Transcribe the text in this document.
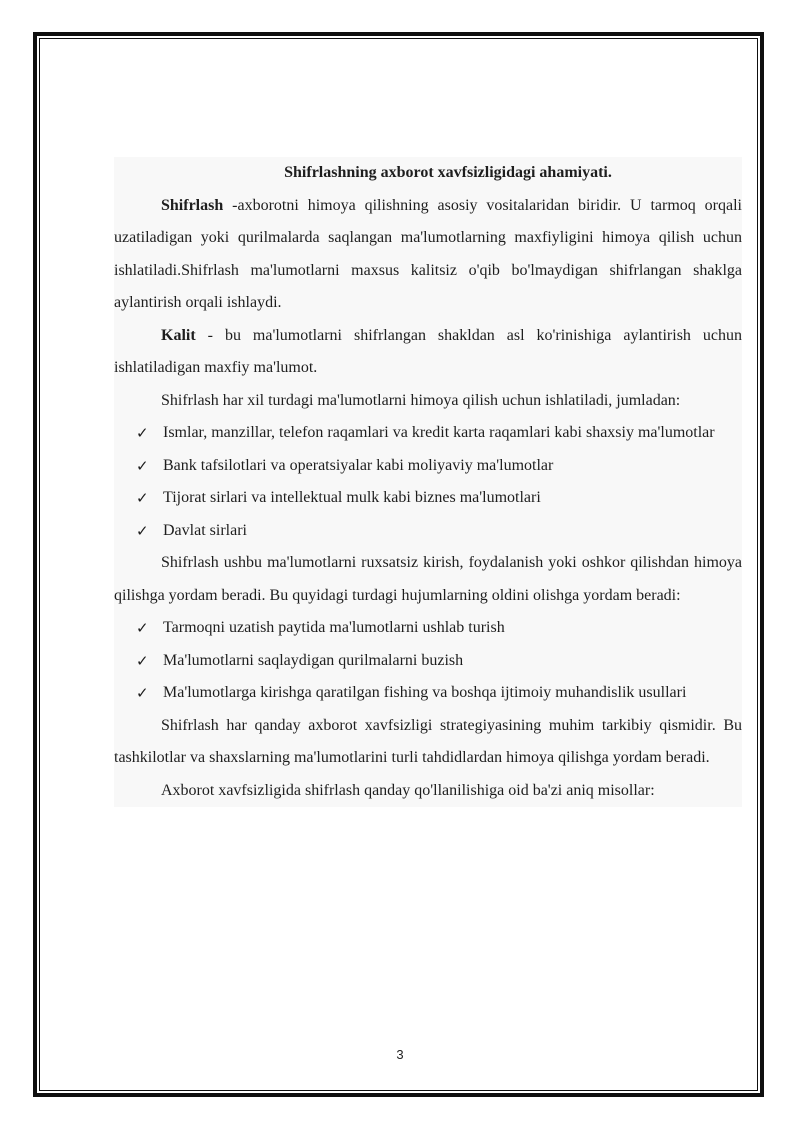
Shifrlashning axborot xavfsizligidagi ahamiyati.

Shifrlash -axborotni himoya qilishning asosiy vositalaridan biridir. U tarmoq orqali uzatiladigan yoki qurilmalarda saqlangan ma'lumotlarning maxfiyligini himoya qilish uchun ishlatiladi.Shifrlash ma'lumotlarni maxsus kalitsiz o'qib bo'lmaydigan shifrlangan shaklga aylantirish orqali ishlaydi.

Kalit - bu ma'lumotlarni shifrlangan shakldan asl ko'rinishiga aylantirish uchun ishlatiladigan maxfiy ma'lumot.

Shifrlash har xil turdagi ma'lumotlarni himoya qilish uchun ishlatiladi, jumladan:

✓ Ismlar, manzillar, telefon raqamlari va kredit karta raqamlari kabi shaxsiy ma'lumotlar
✓ Bank tafsilotlari va operatsiyalar kabi moliyaviy ma'lumotlar
✓ Tijorat sirlari va intellektual mulk kabi biznes ma'lumotlari
✓ Davlat sirlari

Shifrlash ushbu ma'lumotlarni ruxsatsiz kirish, foydalanish yoki oshkor qilishdan himoya qilishga yordam beradi. Bu quyidagi turdagi hujumlarning oldini olishga yordam beradi:

✓ Tarmoqni uzatish paytida ma'lumotlarni ushlab turish
✓ Ma'lumotlarni saqlaydigan qurilmalarni buzish
✓ Ma'lumotlarga kirishga qaratilgan fishing va boshqa ijtimoiy muhandislik usullari

Shifrlash har qanday axborot xavfsizligi strategiyasining muhim tarkibiy qismidir. Bu tashkilotlar va shaxslarning ma'lumotlarini turli tahdidlardan himoya qilishga yordam beradi.

Axborot xavfsizligida shifrlash qanday qo'llanilishiga oid ba'zi aniq misollar:

3
